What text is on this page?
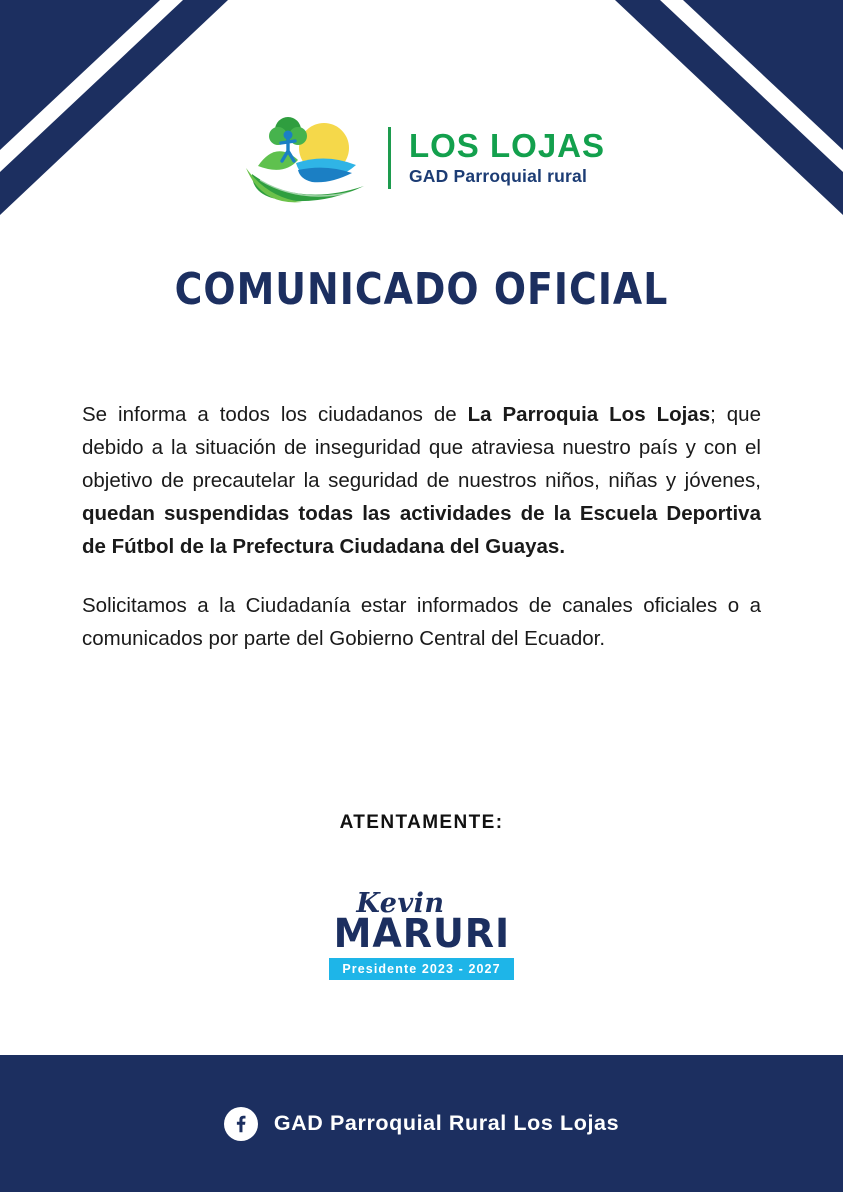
LOS LOJAS
GAD Parroquial rural
COMUNICADO OFICIAL

Se informa a todos los ciudadanos de La Parroquia Los Lojas; que debido a la situación de inseguridad que atraviesa nuestro país y con el objetivo de precautelar la seguridad de nuestros niños, niñas y jóvenes, quedan suspendidas todas las actividades de la Escuela Deportiva de Fútbol de la Prefectura Ciudadana del Guayas.

Solicitamos a la Ciudadanía estar informados de canales oficiales o a comunicados por parte del Gobierno Central del Ecuador.

ATENTAMENTE:
Kevin
MARURI
Presidente 2023 - 2027
GAD Parroquial Rural Los Lojas
